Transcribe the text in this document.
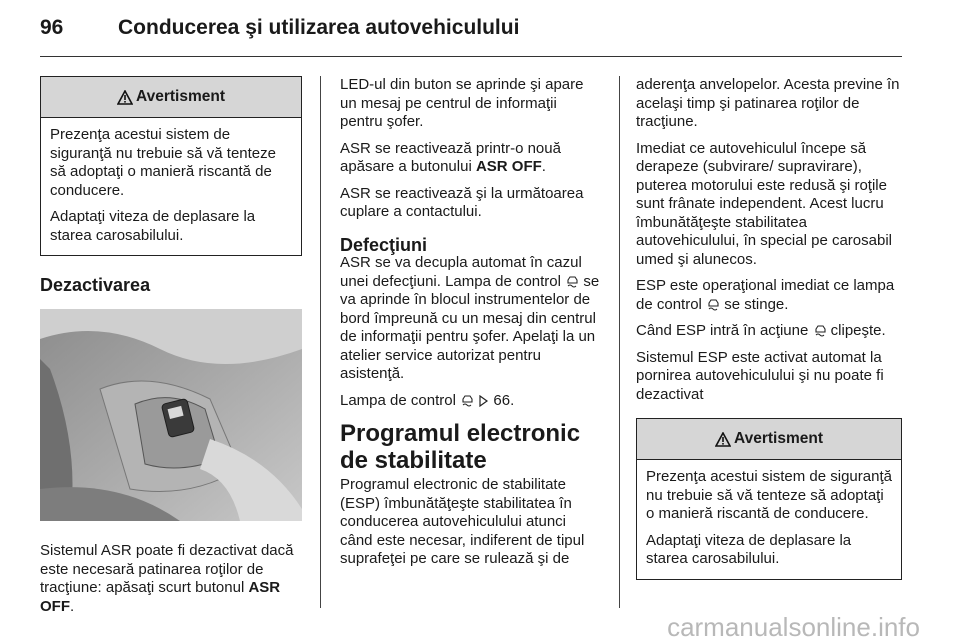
96	Conducerea şi utilizarea autovehiculului
Avertisment

Prezenţa acestui sistem de siguranţă nu trebuie să vă tenteze să adoptaţi o manieră riscantă de conducere.

Adaptaţi viteza de deplasare la starea carosabilului.

Dezactivarea

Sistemul ASR poate fi dezactivat dacă este necesară patinarea roţilor de tracţiune: apăsaţi scurt butonul ASR OFF.

LED-ul din buton se aprinde şi apare un mesaj pe centrul de informaţii pentru şofer.

ASR se reactivează printr-o nouă apăsare a butonului ASR OFF.

ASR se reactivează şi la următoarea cuplare a contactului.

Defecţiuni

ASR se va decupla automat în cazul unei defecţiuni. Lampa de control  se va aprinde în blocul instrumentelor de bord împreună cu un mesaj din centrul de informaţii pentru şofer. Apelaţi la un atelier service autorizat pentru asistenţă.

Lampa de control   66.

Programul electronic de stabilitate

Programul electronic de stabilitate (ESP) îmbunătăţeşte stabilitatea în conducerea autovehiculului atunci când este necesar, indiferent de tipul suprafeţei pe care se rulează şi de

aderenţa anvelopelor. Acesta previne în acelaşi timp şi patinarea roţilor de tracţiune.

Imediat ce autovehiculul începe să derapeze (subvirare/ supravirare), puterea motorului este redusă şi roţile sunt frânate independent. Acest lucru îmbunătăţeşte stabilitatea autovehiculului, în special pe carosabil umed şi alunecos.

ESP este operaţional imediat ce lampa de control  se stinge.

Când ESP intră în acţiune  clipeşte.

Sistemul ESP este activat automat la pornirea autovehiculului şi nu poate fi dezactivat

Avertisment

Prezenţa acestui sistem de siguranţă nu trebuie să vă tenteze să adoptaţi o manieră riscantă de conducere.

Adaptaţi viteza de deplasare la starea carosabilului.

carmanualsonline.info
